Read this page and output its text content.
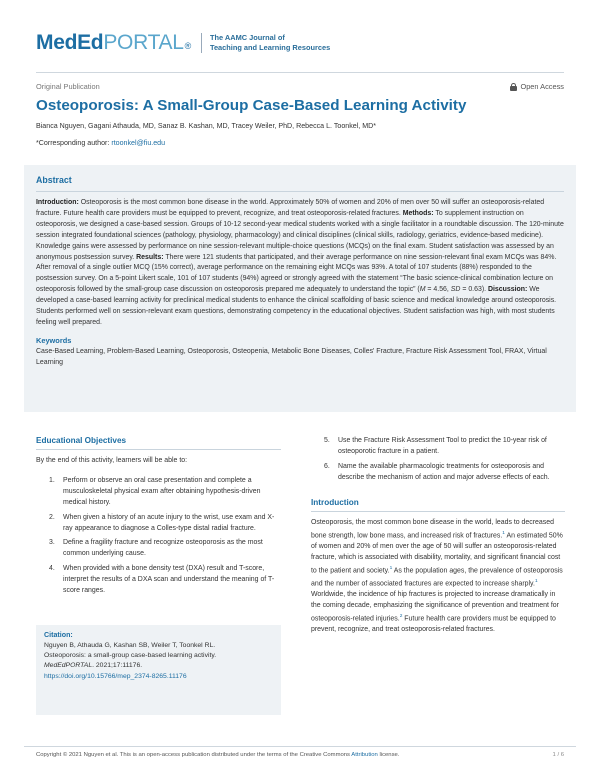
MedEd PORTAL ®
The AAMC Journal of
Teaching and Learning Resources
Original Publication	Open Access
Osteoporosis: A Small-Group Case-Based Learning Activity
Bianca Nguyen, Gagani Athauda, MD, Sanaz B. Kashan, MD, Tracey Weiler, PhD, Rebecca L. Toonkel, MD*
*Corresponding author: rtoonkel@fiu.edu
Abstract

Introduction: Osteoporosis is the most common bone disease in the world. Approximately 50% of women and 20% of men over 50 will suffer an osteoporosis-related fracture. Future health care providers must be equipped to prevent, recognize, and treat osteoporosis-related fractures. Methods: To supplement instruction on osteoporosis, we designed a case-based session. Groups of 10-12 second-year medical students worked with a single facilitator in a roundtable discussion. The 120-minute session integrated foundational sciences (pathology, physiology, pharmacology) and clinical disciplines (clinical skills, radiology, geriatrics, evidence-based medicine). Knowledge gains were assessed by performance on nine session-relevant multiple-choice questions (MCQs) on the final exam. Student satisfaction was assessed by an anonymous postsession survey. Results: There were 121 students that participated, and their average performance on nine session-relevant final exam MCQs was 84%. After removal of a single outlier MCQ (15% correct), average performance on the remaining eight MCQs was 93%. A total of 107 students (88%) responded to the postsession survey. On a 5-point Likert scale, 101 of 107 students (94%) agreed or strongly agreed with the statement “The basic science-clinical combination lecture on osteoporosis followed by the small-group case discussion on osteoporosis prepared me adequately to understand the topic” (M = 4.56, SD = 0.63). Discussion: We developed a case-based learning activity for preclinical medical students to enhance the clinical scaffolding of basic science and medical knowledge around osteoporosis. Students performed well on session-relevant exam questions, demonstrating competency in the educational objectives. Student satisfaction was high, with most students feeling well prepared.

Keywords
Case-Based Learning, Problem-Based Learning, Osteoporosis, Osteopenia, Metabolic Bone Diseases, Colles' Fracture, Fracture Risk Assessment Tool, FRAX, Virtual Learning
Educational Objectives

By the end of this activity, learners will be able to:

1.	Perform or observe an oral case presentation and complete a musculoskeletal physical exam after obtaining hypothesis-driven medical history.
2.	When given a history of an acute injury to the wrist, use exam and X-ray appearance to diagnose a Colles-type distal radial fracture.
3.	Define a fragility fracture and recognize osteoporosis as the most common underlying cause.
4.	When provided with a bone density test (DXA) result and T-score, interpret the results of a DXA scan and understand the meaning of T-score ranges.
Citation:
Nguyen B, Athauda G, Kashan SB, Weiler T, Toonkel RL.
Osteoporosis: a small-group case-based learning activity.
MedEdPORTAL. 2021;17:11176.
https://doi.org/10.15766/mep_2374-8265.11176
5.	Use the Fracture Risk Assessment Tool to predict the 10-year risk of osteoporotic fracture in a patient.
6.	Name the available pharmacologic treatments for osteoporosis and describe the mechanism of action and major adverse effects of each.
Introduction

Osteoporosis, the most common bone disease in the world, leads to decreased bone strength, low bone mass, and increased risk of fractures.$^1$ An estimated 50% of women and 20% of men over the age of 50 will suffer an osteoporosis-related fracture, which is associated with disability, mortality, and significant financial cost to the patient and society.$^1$ As the population ages, the prevalence of osteoporosis and the number of associated fractures are expected to increase sharply.$^1$ Worldwide, the incidence of hip fractures is projected to increase dramatically in the coming decade, emphasizing the significance of prevention and treatment for osteoporosis-related injuries.$^2$ Future health care providers must be equipped to prevent, recognize, and treat osteoporosis-related fractures.

Copyright © 2021 Nguyen et al. This is an open-access publication distributed under the terms of the Creative Commons Attribution license.	1 / 6
